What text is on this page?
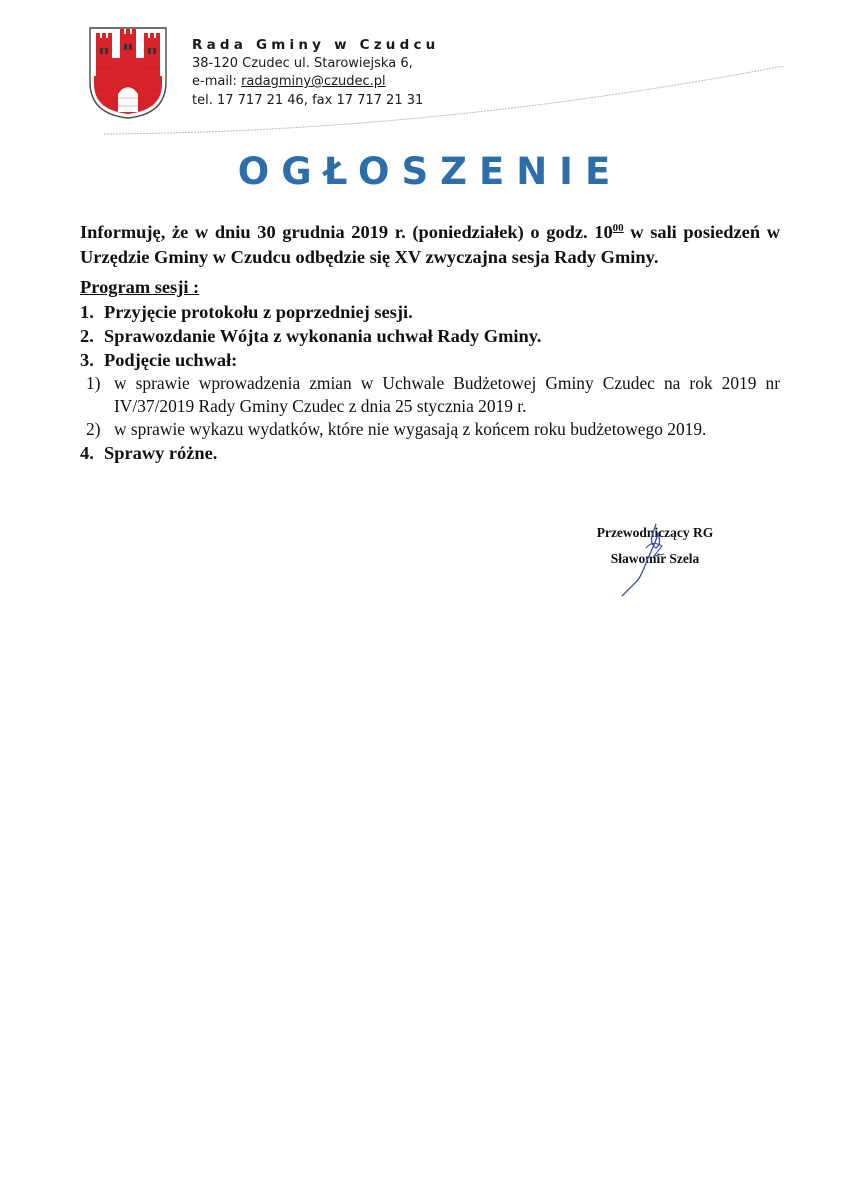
Rada Gminy w Czudcu
38-120 Czudec ul. Starowiejska 6,
e-mail: radagminy@czudec.pl
tel. 17 717 21 46, fax 17 717 21 31
OGŁOSZENIE
Informuję, że w dniu 30 grudnia 2019 r. (poniedziałek) o godz. $10^{00}$ w sali posiedzeń w Urzędzie Gminy w Czudcu odbędzie się XV zwyczajna sesja Rady Gminy.
Program sesji :
1. Przyjęcie protokołu z poprzedniej sesji.
2. Sprawozdanie Wójta z wykonania uchwał Rady Gminy.
3. Podjęcie uchwał:
1) w sprawie wprowadzenia zmian w Uchwale Budżetowej Gminy Czudec na rok 2019 nr IV/37/2019 Rady Gminy Czudec z dnia 25 stycznia 2019 r.
2) w sprawie wykazu wydatków, które nie wygasają z końcem roku budżetowego 2019.
4. Sprawy różne.
Przewodniczący RG
Sławomir Szela
